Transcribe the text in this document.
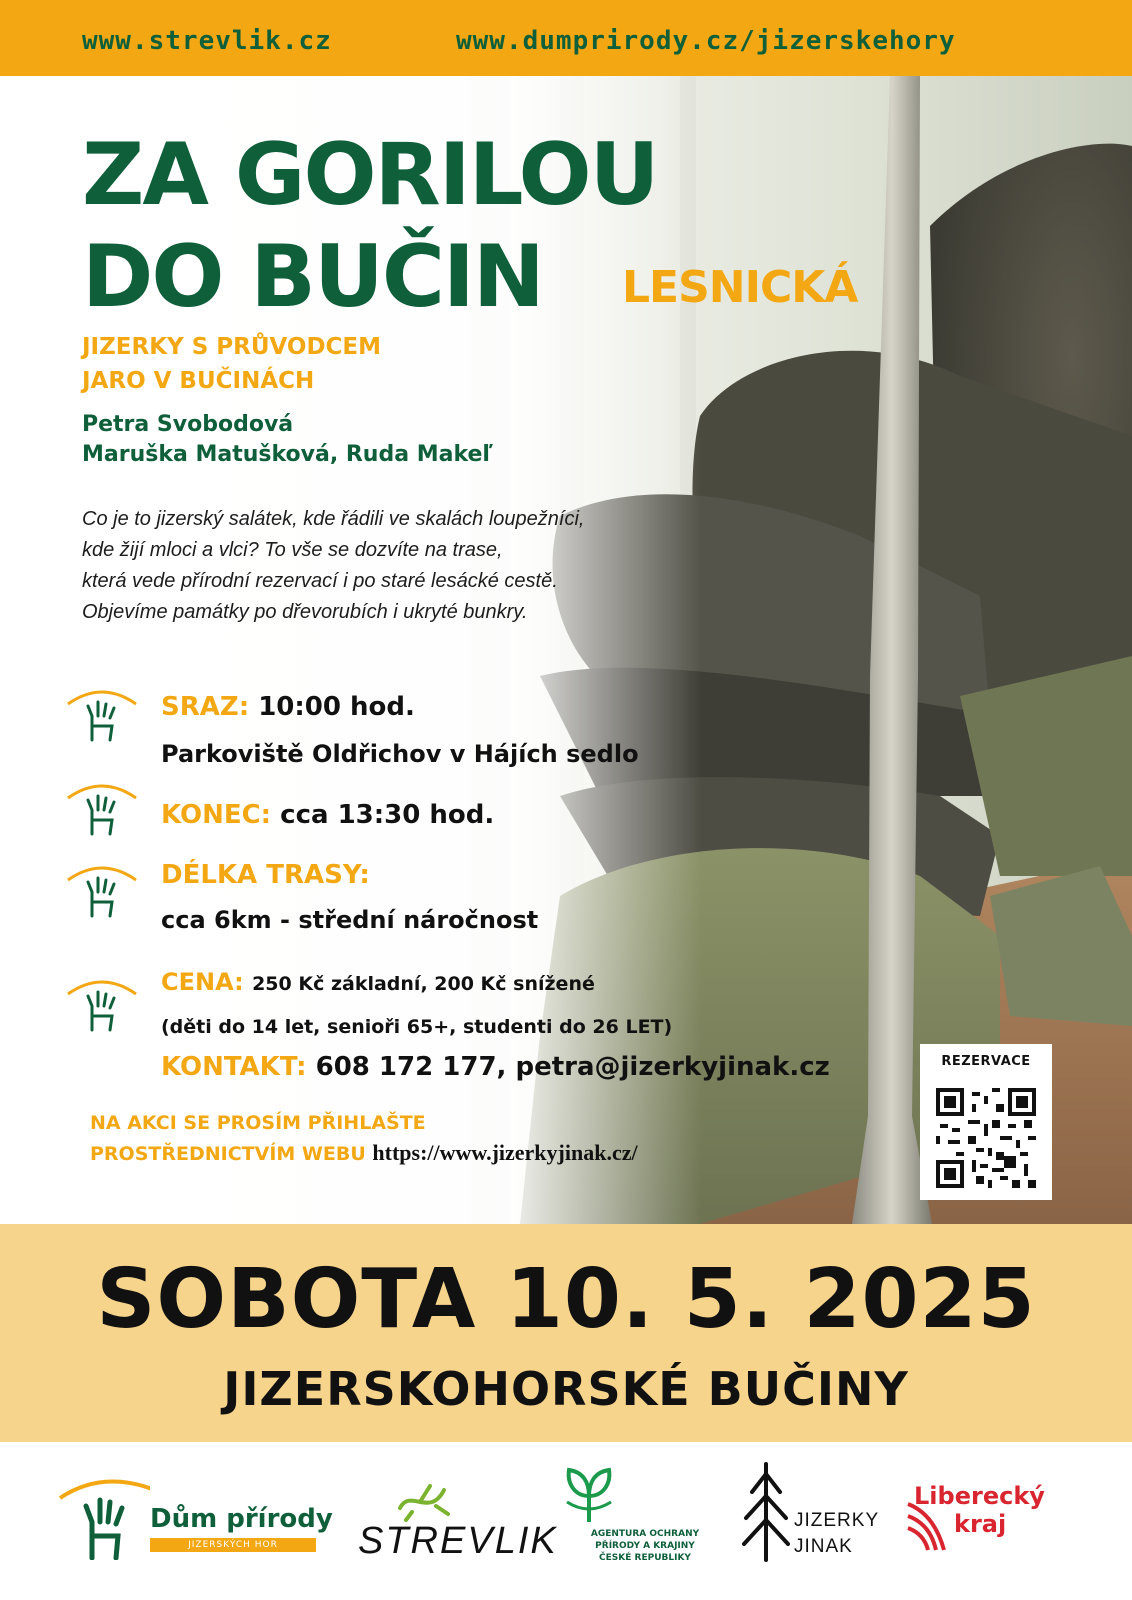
www.strevlik.cz	www.dumprirody.cz/jizerskehory
ZA GORILOU
DO BUČIN LESNICKÁ
JIZERKY S PRŮVODCEM
JARO V BUČINÁCH
Petra Svobodová
Maruška Matušková, Ruda Makeľ
Co je to jizerský salátek, kde řádili ve skalách loupežníci,
kde žijí mloci a vlci? To vše se dozvíte na trase,
která vede přírodní rezervací i po staré lesácké cestě.
Objevíme památky po dřevorubích i ukryté bunkry.
SRAZ: 10:00 hod.
Parkoviště Oldřichov v Hájích sedlo
KONEC: cca 13:30 hod.
DÉLKA TRASY:
cca 6km - střední náročnost
CENA: 250 Kč základní, 200 Kč snížené
(děti do 14 let, senioři 65+, studenti do 26 LET)
KONTAKT: 608 172 177, petra@jizerkyjinak.cz
NA AKCI SE PROSÍM PŘIHLAŠTE
PROSTŘEDNICTVÍM WEBU https://www.jizerkyjinak.cz/
REZERVACE
SOBOTA 10. 5. 2025
JIZERSKOHORSKÉ BUČINY
Dům přírody
JIZERSKÝCH HOR	STREVLIK	AGENTURA OCHRANY
PŘÍRODY A KRAJINY
ČESKÉ REPUBLIKY
JIZERKY
JINAK
Liberecký
kraj
